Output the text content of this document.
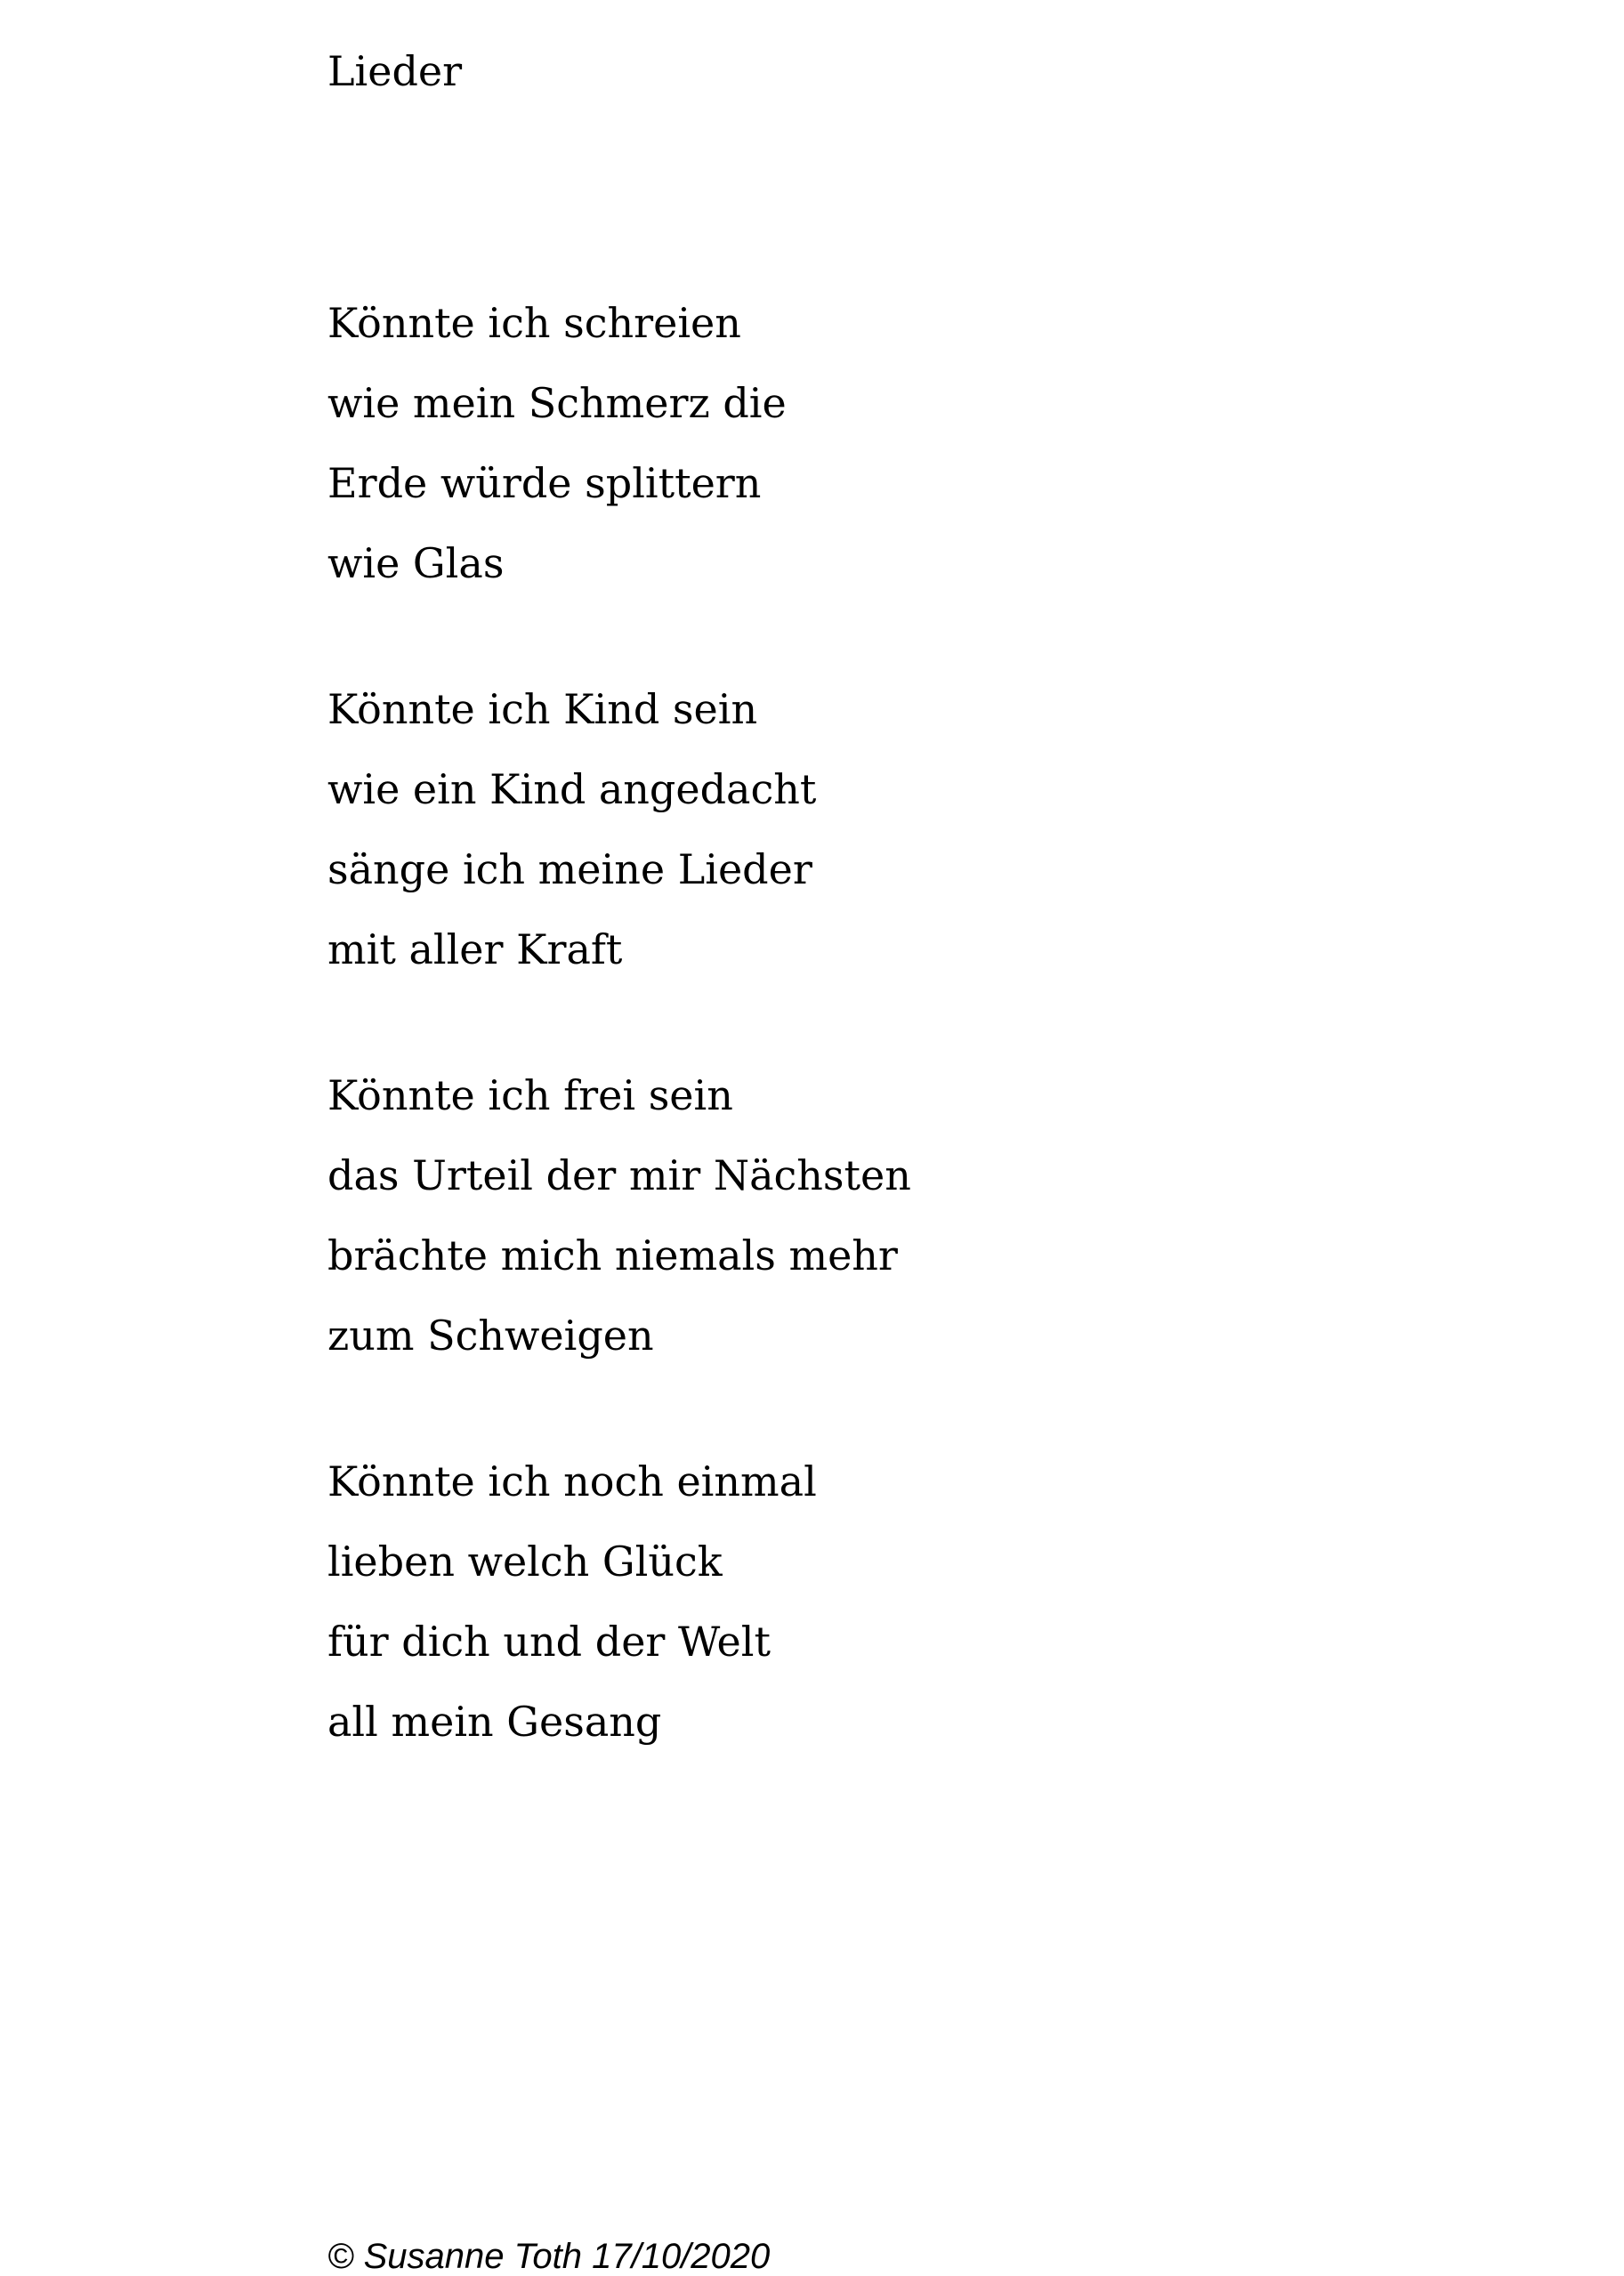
Lieder
Könnte ich schreien
wie mein Schmerz die
Erde würde splittern
wie Glas
Könnte ich Kind sein
wie ein Kind angedacht
sänge ich meine Lieder
mit aller Kraft
Könnte ich frei sein
das Urteil der mir Nächsten
brächte mich niemals mehr
zum Schweigen
Könnte ich noch einmal
lieben welch Glück
für dich und der Welt
all mein Gesang
© Susanne Toth 17/10/2020
